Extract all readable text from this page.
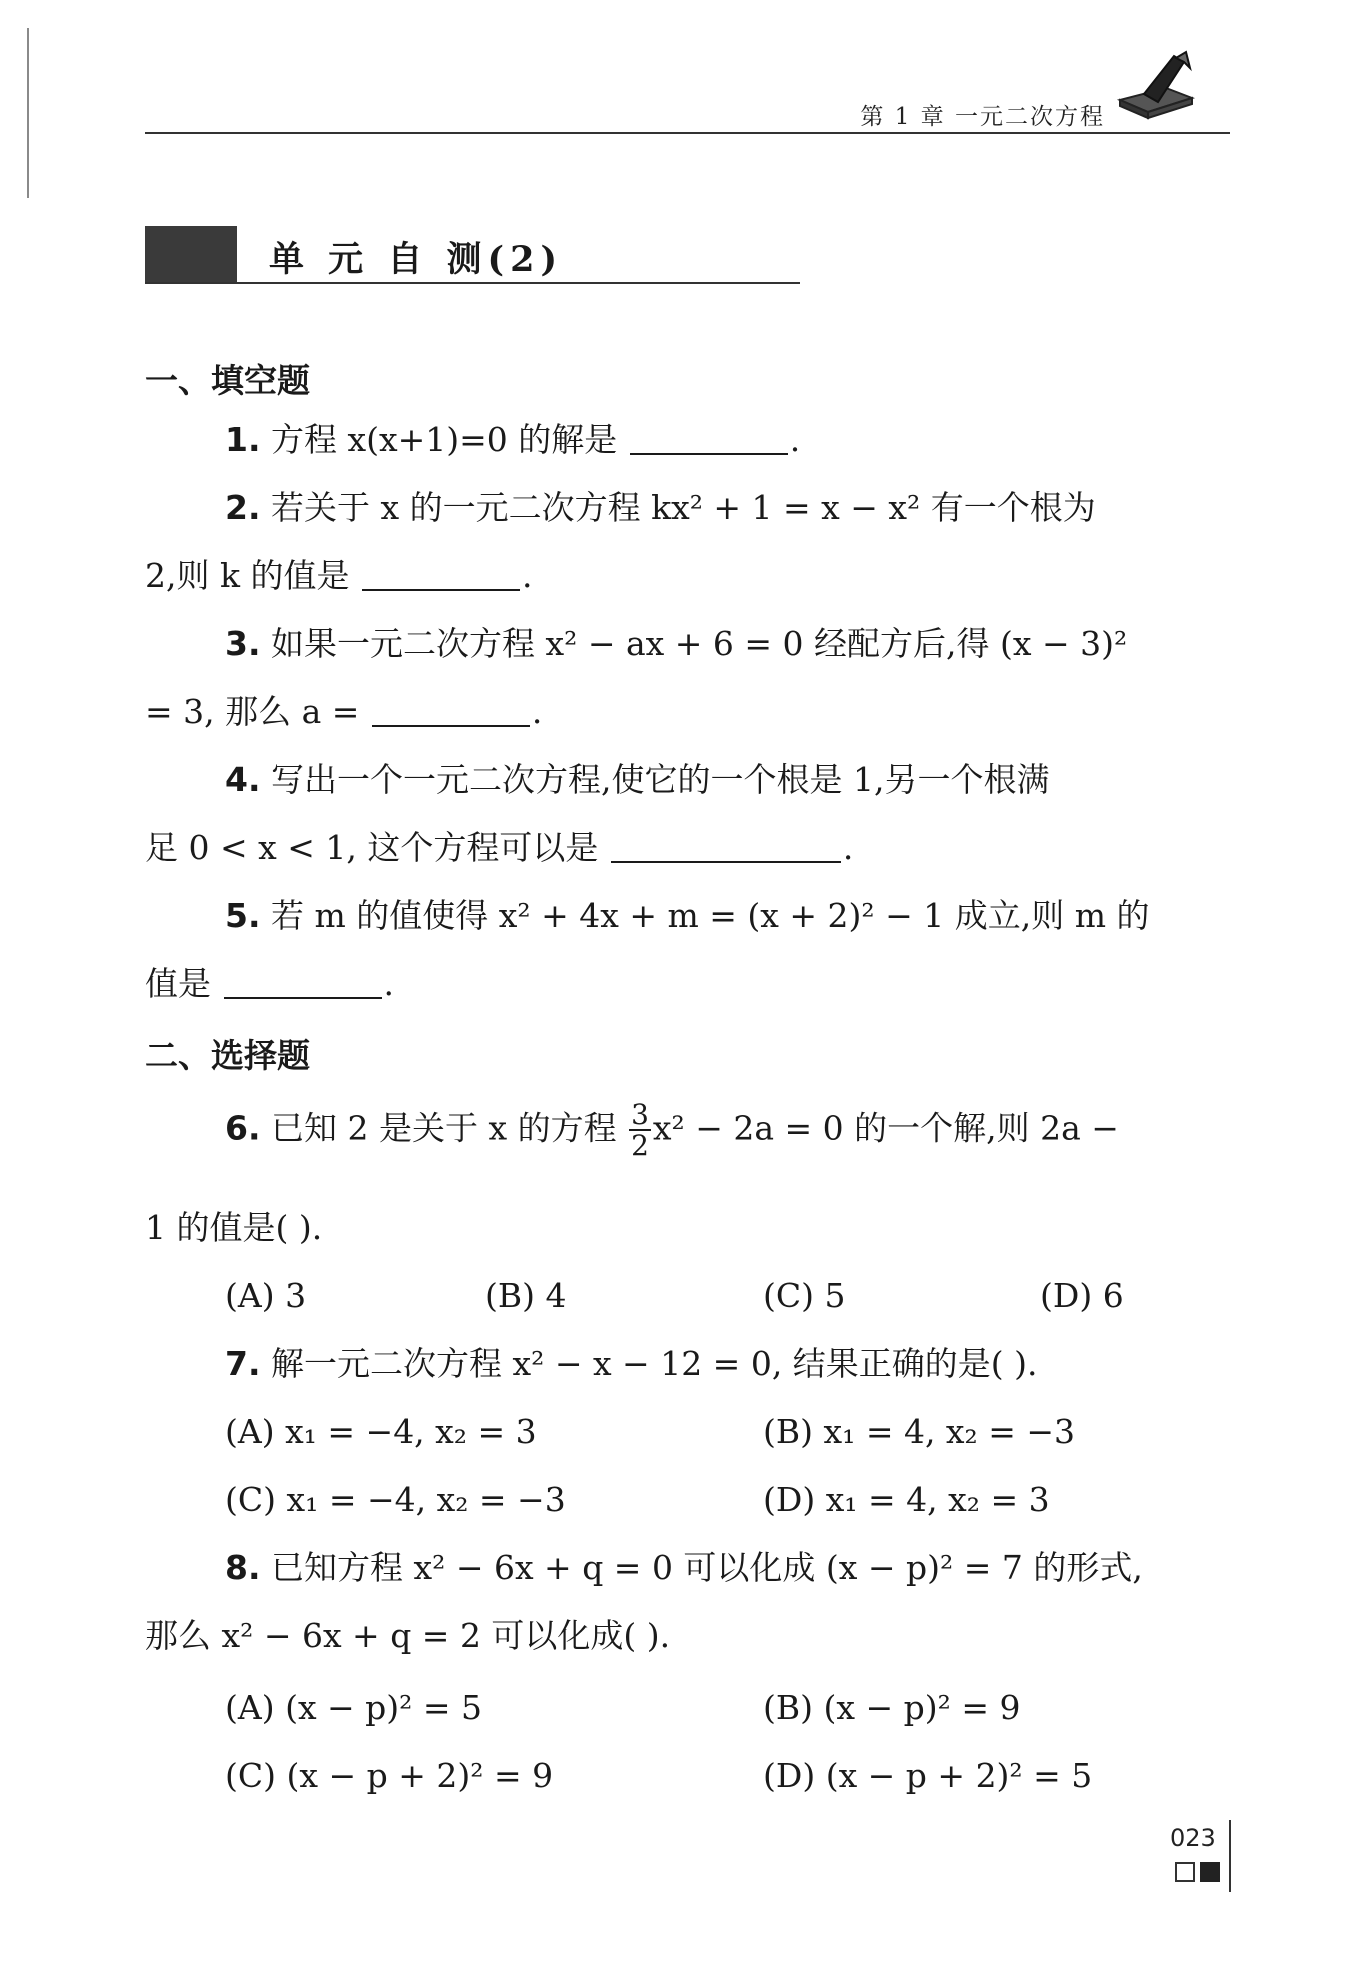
第 1 章 一元二次方程
单 元 自 测(2)
一、填空题
1. 方程 x(x+1)=0 的解是	.
2. 若关于 x 的一元二次方程 kx² + 1 = x − x² 有一个根为
2,则 k 的值是	.
3. 如果一元二次方程 x² − ax + 6 = 0 经配方后,得 (x − 3)²
= 3, 那么 a =	.
4. 写出一个一元二次方程,使它的一个根是 1,另一个根满
足 0 < x < 1, 这个方程可以是	.
5. 若 m 的值使得 x² + 4x + m = (x + 2)² − 1 成立,则 m 的
值是	.
二、选择题
6. 已知 2 是关于 x 的方程 $\frac{3}{2} x^2 - 2a = 0$ 的一个解,则 2a −
1 的值是( ).
(A) 3	(B) 4	(C) 5	(D) 6
7. 解一元二次方程 x² − x − 12 = 0, 结果正确的是( ).
(A) x₁ = −4, x₂ = 3	(B) x₁ = 4, x₂ = −3
(C) x₁ = −4, x₂ = −3	(D) x₁ = 4, x₂ = 3
8. 已知方程 x² − 6x + q = 0 可以化成 (x − p)² = 7 的形式,
那么 x² − 6x + q = 2 可以化成( ).
(A) (x − p)² = 5	(B) (x − p)² = 9
(C) (x − p + 2)² = 9	(D) (x − p + 2)² = 5
023
